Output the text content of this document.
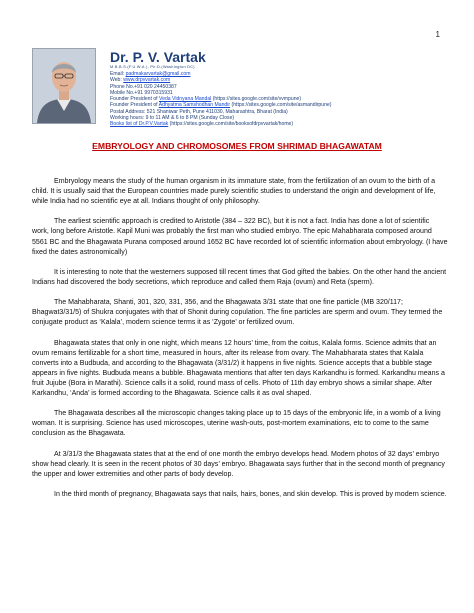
1
Dr. P. V. Vartak
M.B.B.S.(F.U.W.A.), Ph.D.(Washington DC)
Email: padmakarvartak@gmail.com
Web: www.drpvvartak.com
Phone No.+91 020 24450387
Mobile No.+91 9970315931
Founder President of Veda Vidnyana Mandal (https://sites.google.com/site/vvmpune)
Founder President of Adhyatma Samshodhan Mandir (https://sites.google.com/site/asmandirpune)
Postal Address: 521 Shaniwar Peth, Pune 411030, Maharashtra, Bharat (India)
Working hours: 9 to 11 AM & 6 to 8 PM (Sunday Close)
Books list of Dr.P.V.Vartak (https://sites.google.com/site/booksofdrpvvartak/home)
EMBRYOLOGY AND CHROMOSOMES FROM SHRIMAD BHAGAWATAM

Embryology means the study of the human organism in its immature state, from the fertilization of an ovum to the birth of a child. It is usually said that the European countries made purely scientific studies to understand the origin and development of life, while India had no scientific eye at all. Indians thought of only philosophy.

The earliest scientific approach is credited to Aristotle (384 – 322 BC), but it is not a fact. India has done a lot of scientific work, long before Aristotle. Kapil Muni was probably the first man who studied embryo. The epic Mahabharata composed around 5561 BC and the Bhagawata Purana composed around 1652 BC have recorded lot of scientific information about embryology. (I have fixed the dates astronomically)

It is interesting to note that the westerners supposed till recent times that God gifted the babies. On the other hand the ancient Indians had discovered the body secretions, which reproduce and called them Raja (ovum) and Reta (sperm).

The Mahabharata, Shanti, 301, 320, 331, 356, and the Bhagawata 3/31 state that one fine particle (MB 320/117; Bhagwat3/31/5) of Shukra conjugates with that of Shonit during copulation. The fine particles are sperm and ovum. They termed the conjugate product as ‘Kalala’, modern science terms it as ‘Zygote’ or fertilized ovum.

Bhagawata states that only in one night, which means 12 hours’ time, from the coitus, Kalala forms. Science admits that an ovum remains fertilizable for a short time, measured in hours, after its release from ovary. The Mahabharata states that Kalala converts into a Budbuda, and according to the Bhagawata (3/31/2) it happens in five nights. Science accepts that a bubble stage appears in five nights. Budbuda means a bubble. Bhagawata mentions that after ten days Karkandhu is formed. Karkandhu means a fruit Jujube (Bora in Marathi). Science calls it a solid, round mass of cells. Photo of 11th day embryo shows a similar shape. After Karkandhu, ‘Anda’ is formed according to the Bhagawata. Science calls it as oval shaped.

The Bhagawata describes all the microscopic changes taking place up to 15 days of the embryonic life, in a womb of a living woman. It is surprising. Science has used microscopes, uterine wash-outs, post-mortem examinations, etc to come to the same conclusion as the Bhagawata.

At 3/31/3 the Bhagawata states that at the end of one month the embryo develops head. Modern photos of 32 days’ embryo show head clearly. It is seen in the recent photos of 30 days’ embryo. Bhagawata says further that in the second month of pregnancy the upper and lower extremities and other parts of body develop.

In the third month of pregnancy, Bhagawata says that nails, hairs, bones, and skin develop. This is proved by modern science.
